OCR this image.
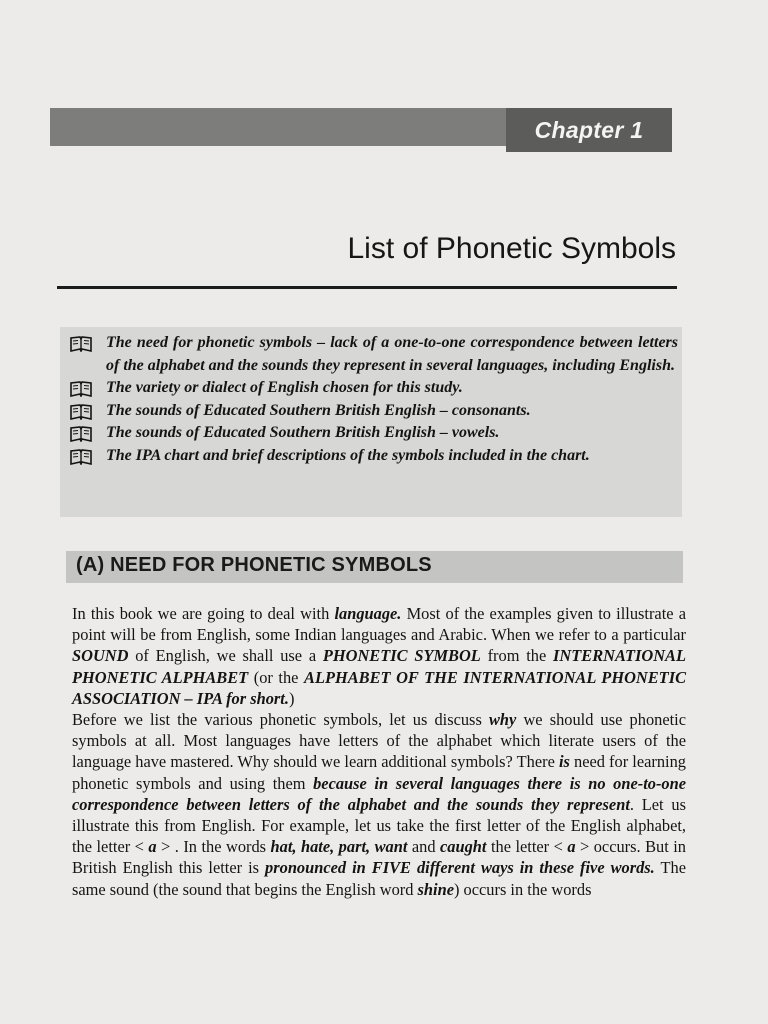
Chapter 1
List of Phonetic Symbols
The need for phonetic symbols – lack of a one-to-one correspondence between letters of the alphabet and the sounds they represent in several languages, including English.
The variety or dialect of English chosen for this study.
The sounds of Educated Southern British English – consonants.
The sounds of Educated Southern British English – vowels.
The IPA chart and brief descriptions of the symbols included in the chart.
(A) NEED FOR PHONETIC SYMBOLS

In this book we are going to deal with language. Most of the examples given to illustrate a point will be from English, some Indian languages and Arabic. When we refer to a particular SOUND of English, we shall use a PHONETIC SYMBOL from the INTERNATIONAL PHONETIC ALPHABET (or the ALPHABET OF THE INTERNATIONAL PHONETIC ASSOCIATION – IPA for short.)

Before we list the various phonetic symbols, let us discuss why we should use phonetic symbols at all. Most languages have letters of the alphabet which literate users of the language have mastered. Why should we learn additional symbols? There is need for learning phonetic symbols and using them because in several languages there is no one-to-one correspondence between letters of the alphabet and the sounds they represent. Let us illustrate this from English. For example, let us take the first letter of the English alphabet, the letter < a > . In the words hat, hate, part, want and caught the letter < a > occurs. But in British English this letter is pronounced in FIVE different ways in these five words. The same sound (the sound that begins the English word shine) occurs in the words
